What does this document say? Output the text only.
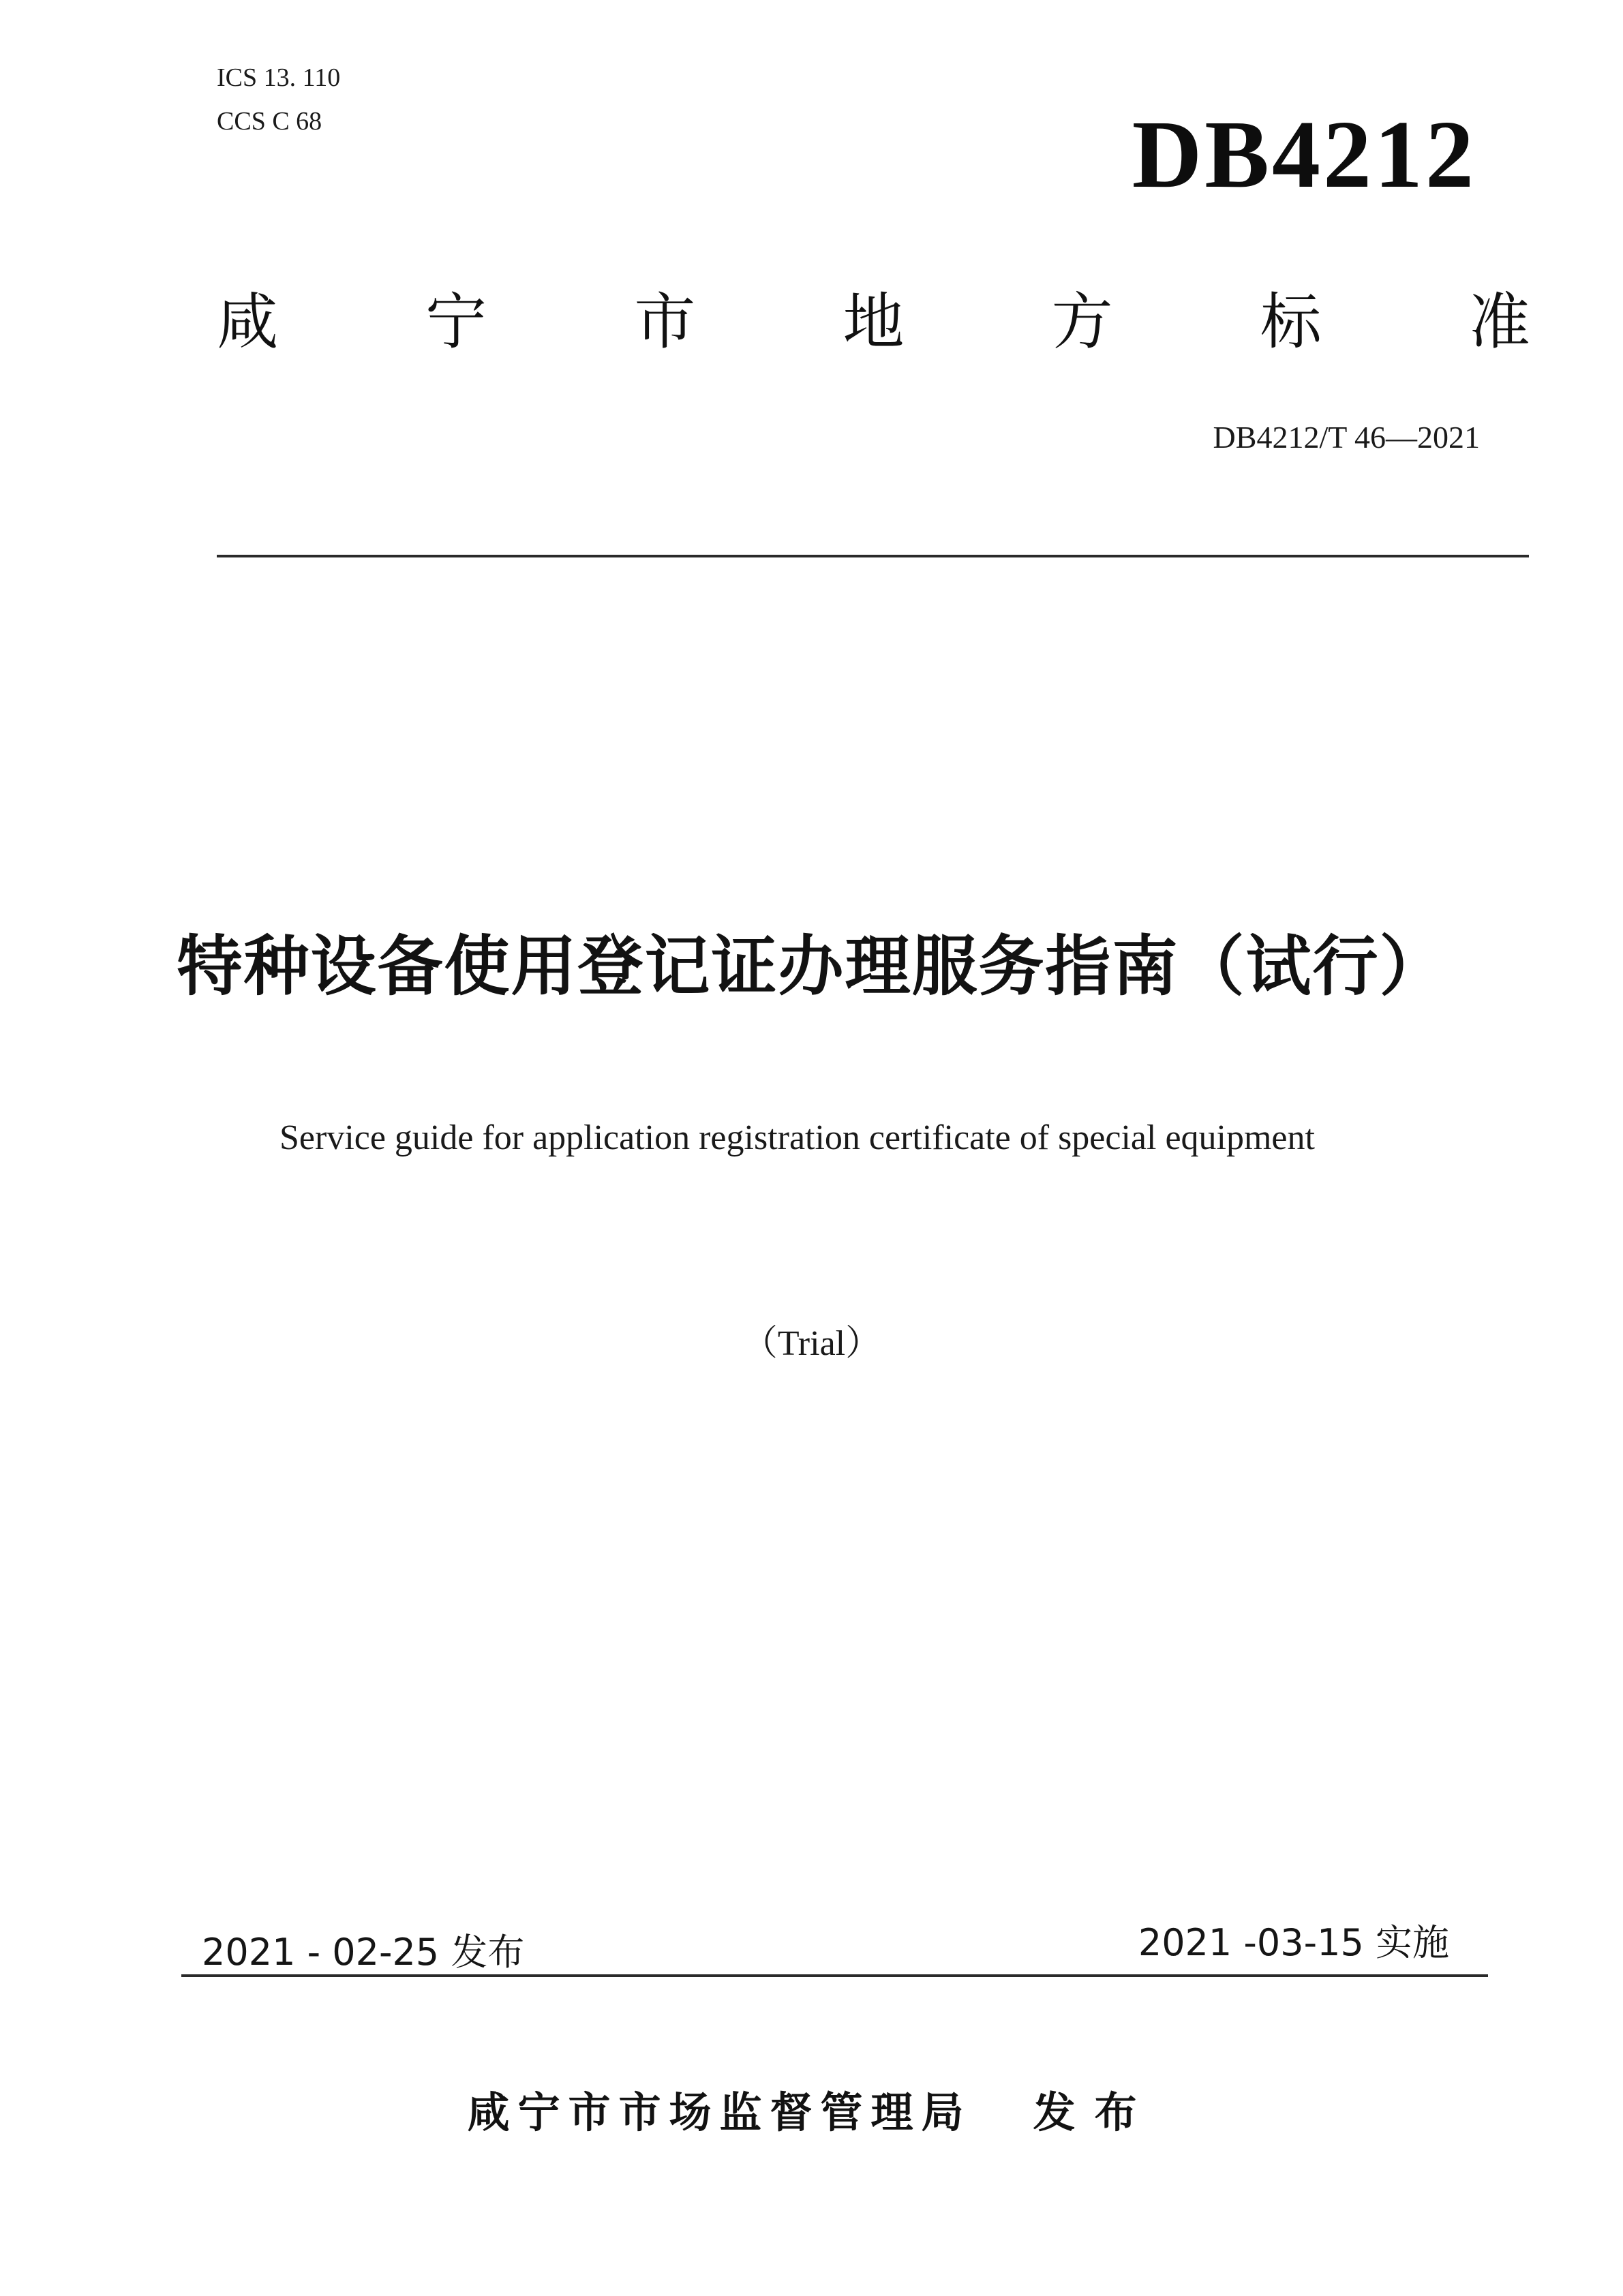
ICS 13. 110
CCS C 68	DB4212
咸 宁 市 地 方 标 准
DB4212/T 46—2021
特种设备使用登记证办理服务指南（试行）
Service guide for application registration certificate of special equipment
（Trial）
2021 - 02-25 发布	2021 -03-15 实施
咸宁市市场监督管理局 发布
